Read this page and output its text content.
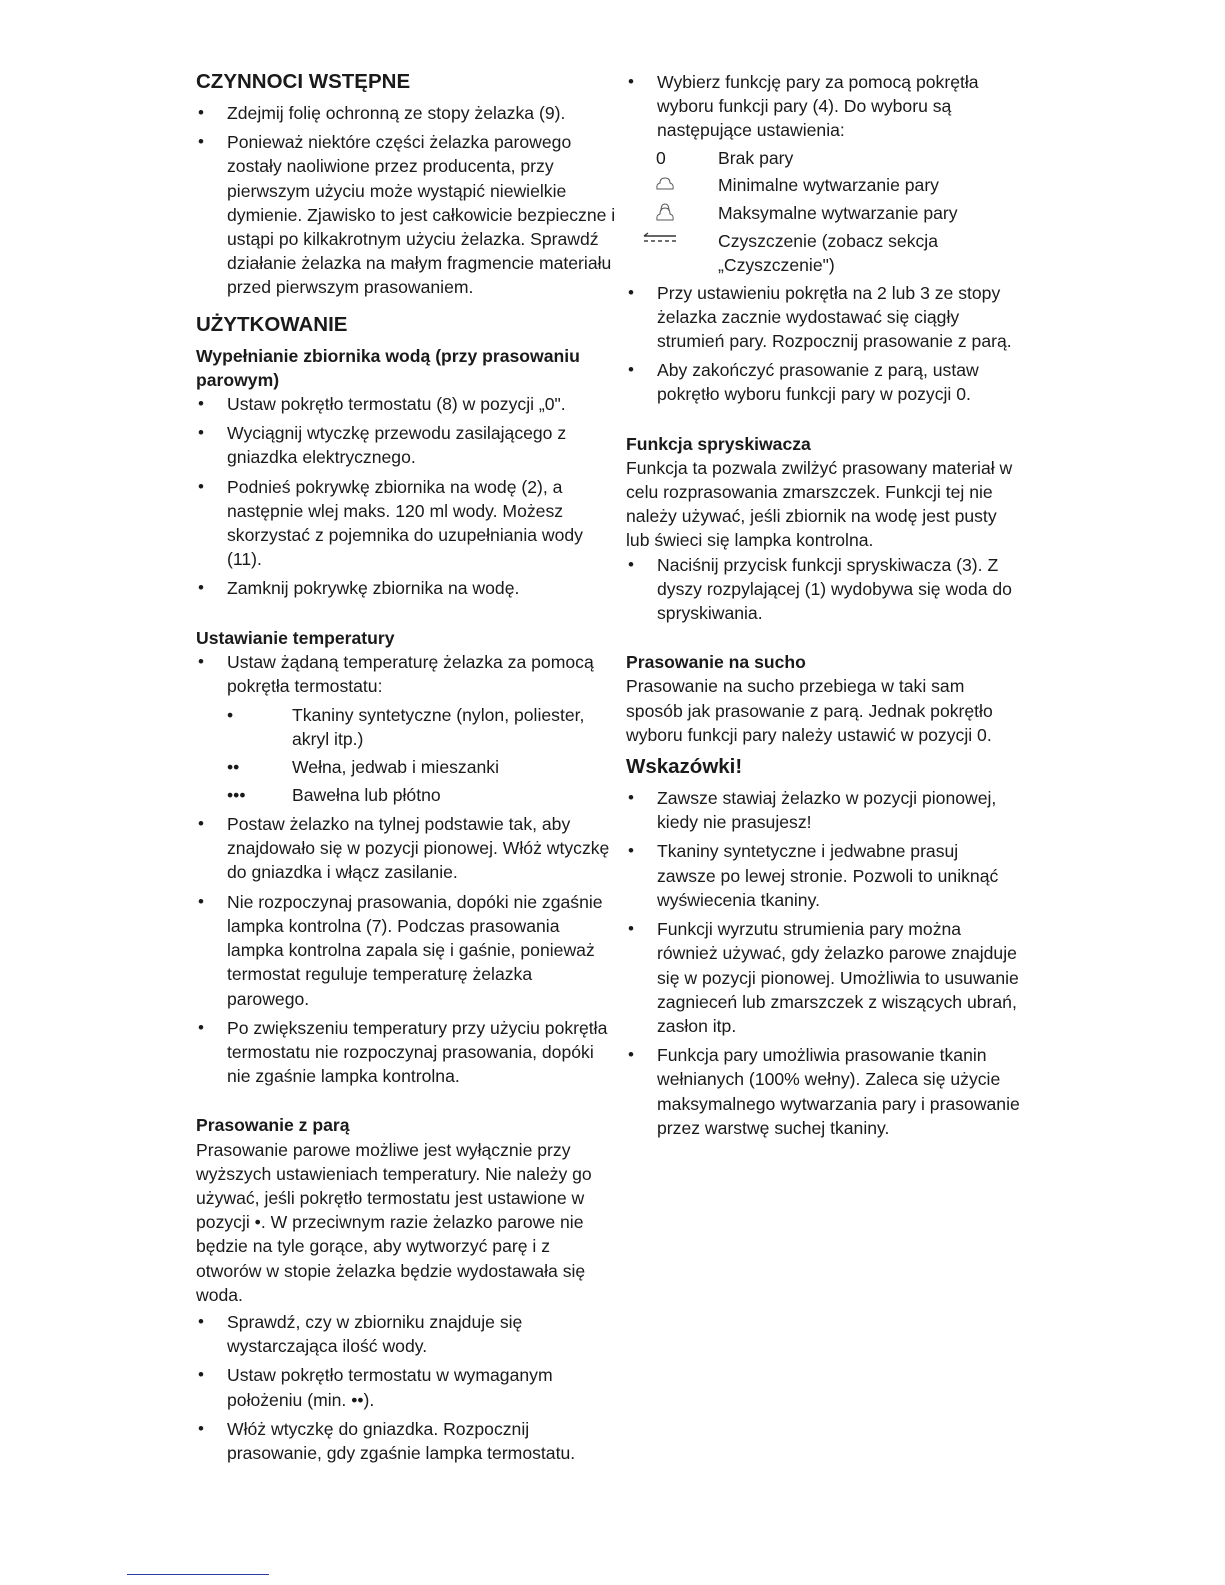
CZYNNOCI WSTĘPNE
• Zdejmij folię ochronną ze stopy żelazka (9).
• Ponieważ niektóre części żelazka parowego zostały naoliwione przez producenta, przy pierwszym użyciu może wystąpić niewielkie dymienie. Zjawisko to jest całkowicie bezpieczne i ustąpi po kilkakrotnym użyciu żelazka. Sprawdź działanie żelazka na małym fragmencie materiału przed pierwszym prasowaniem.
UŻYTKOWANIE
Wypełnianie zbiornika wodą (przy prasowaniu parowym)
• Ustaw pokrętło termostatu (8) w pozycji „0".
• Wyciągnij wtyczkę przewodu zasilającego z gniazdka elektrycznego.
• Podnieś pokrywkę zbiornika na wodę (2), a następnie wlej maks. 120 ml wody. Możesz skorzystać z pojemnika do uzupełniania wody (11).
• Zamknij pokrywkę zbiornika na wodę.
Ustawianie temperatury
• Ustaw żądaną temperaturę żelazka za pomocą pokrętła termostatu:
•	Tkaniny syntetyczne (nylon, poliester, akryl itp.)
••	Wełna, jedwab i mieszanki
•••	Bawełna lub płótno
• Postaw żelazko na tylnej podstawie tak, aby znajdowało się w pozycji pionowej. Włóż wtyczkę do gniazdka i włącz zasilanie.
• Nie rozpoczynaj prasowania, dopóki nie zgaśnie lampka kontrolna (7). Podczas prasowania lampka kontrolna zapala się i gaśnie, ponieważ termostat reguluje temperaturę żelazka parowego.
• Po zwiększeniu temperatury przy użyciu pokrętła termostatu nie rozpoczynaj prasowania, dopóki nie zgaśnie lampka kontrolna.
Prasowanie z parą

Prasowanie parowe możliwe jest wyłącznie przy wyższych ustawieniach temperatury. Nie należy go używać, jeśli pokrętło termostatu jest ustawione w pozycji •. W przeciwnym razie żelazko parowe nie będzie na tyle gorące, aby wytworzyć parę i z otworów w stopie żelazka będzie wydostawała się woda.

• Sprawdź, czy w zbiorniku znajduje się wystarczająca ilość wody.
• Ustaw pokrętło termostatu w wymaganym położeniu (min. ••).
• Włóż wtyczkę do gniazdka. Rozpocznij prasowanie, gdy zgaśnie lampka termostatu.
• Wybierz funkcję pary za pomocą pokrętła wyboru funkcji pary (4). Do wyboru są następujące ustawienia:
0	Brak pary
Minimalne wytwarzanie pary
Maksymalne wytwarzanie pary
Czyszczenie (zobacz sekcja „Czyszczenie")
• Przy ustawieniu pokrętła na 2 lub 3 ze stopy żelazka zacznie wydostawać się ciągły strumień pary. Rozpocznij prasowanie z parą.
• Aby zakończyć prasowanie z parą, ustaw pokrętło wyboru funkcji pary w pozycji 0.
Funkcja spryskiwacza

Funkcja ta pozwala zwilżyć prasowany materiał w celu rozprasowania zmarszczek. Funkcji tej nie należy używać, jeśli zbiornik na wodę jest pusty lub świeci się lampka kontrolna.

• Naciśnij przycisk funkcji spryskiwacza (3). Z dyszy rozpylającej (1) wydobywa się woda do spryskiwania.
Prasowanie na sucho

Prasowanie na sucho przebiega w taki sam sposób jak prasowanie z parą. Jednak pokrętło wyboru funkcji pary należy ustawić w pozycji 0.

Wskazówki!
• Zawsze stawiaj żelazko w pozycji pionowej, kiedy nie prasujesz!
• Tkaniny syntetyczne i jedwabne prasuj zawsze po lewej stronie. Pozwoli to uniknąć wyświecenia tkaniny.
• Funkcji wyrzutu strumienia pary można również używać, gdy żelazko parowe znajduje się w pozycji pionowej. Umożliwia to usuwanie zagnieceń lub zmarszczek z wiszących ubrań, zasłon itp.
• Funkcja pary umożliwia prasowanie tkanin wełnianych (100% wełny). Zaleca się użycie maksymalnego wytwarzania pary i prasowanie przez warstwę suchej tkaniny.
